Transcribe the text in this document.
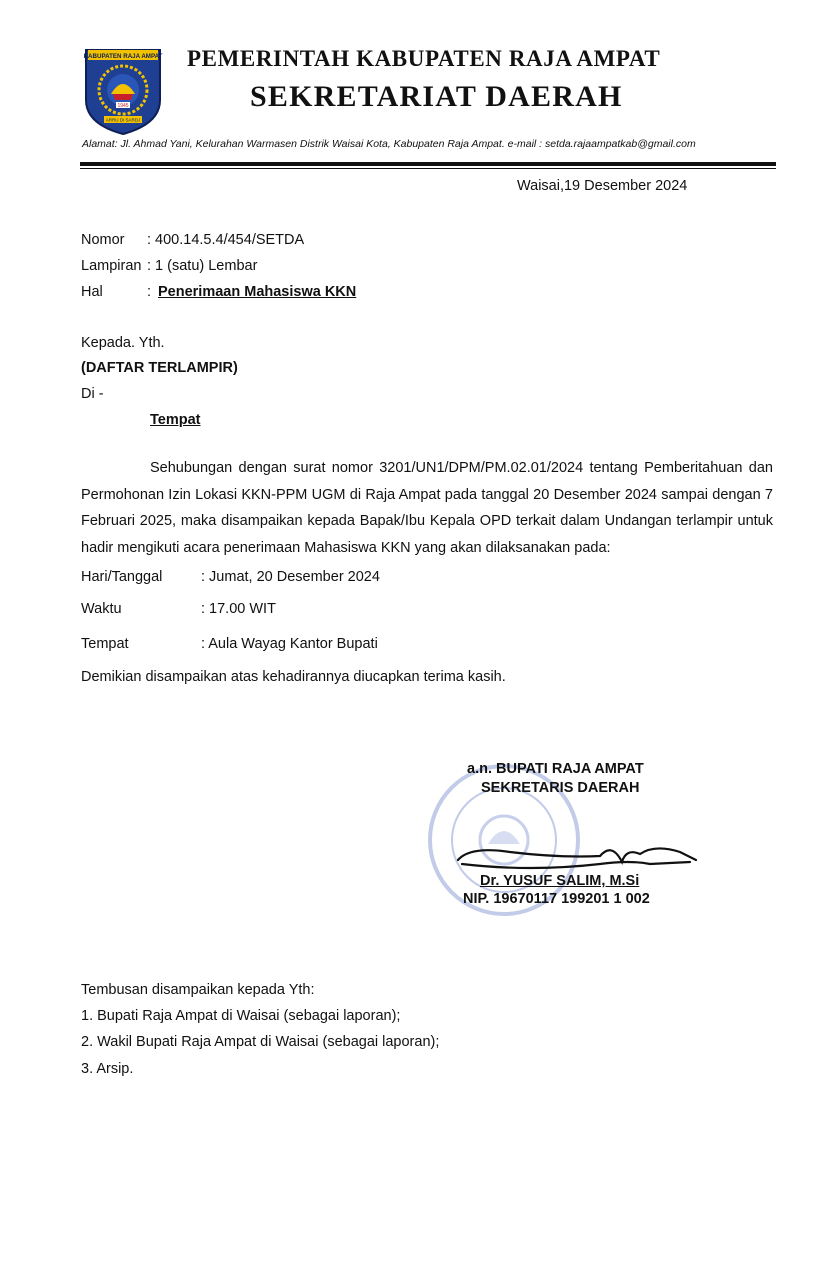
KABUPATEN RAJA AMPAT
1945
ARRU DI SARDJ
PEMERINTAH KABUPATEN RAJA AMPAT
SEKRETARIAT DAERAH
Alamat: Jl. Ahmad Yani, Kelurahan Warmasen Distrik Waisai Kota, Kabupaten Raja Ampat. e-mail : setda.rajaampatkab@gmail.com
Waisai,19 Desember 2024
Nomor : 400.14.5.4/454/SETDA
Lampiran : 1 (satu) Lembar
Hal	: Penerimaan Mahasiswa KKN
Kepada. Yth.
(DAFTAR TERLAMPIR)
Di -
Tempat
Sehubungan dengan surat nomor 3201/UN1/DPM/PM.02.01/2024 tentang Pemberitahuan dan Permohonan Izin Lokasi KKN-PPM UGM di Raja Ampat pada tanggal 20 Desember 2024 sampai dengan 7 Februari 2025, maka disampaikan kepada Bapak/Ibu Kepala OPD terkait dalam Undangan terlampir untuk hadir mengikuti acara penerimaan Mahasiswa KKN yang akan dilaksanakan pada:
Hari/Tanggal	: Jumat, 20 Desember 2024
Waktu	: 17.00 WIT
Tempat	: Aula Wayag Kantor Bupati
Demikian disampaikan atas kehadirannya diucapkan terima kasih.
a.n. BUPATI RAJA AMPAT
SEKRETARIS DAERAH
Dr. YUSUF SALIM, M.Si
NIP. 19670117 199201 1 002
Tembusan disampaikan kepada Yth:
1. Bupati Raja Ampat di Waisai (sebagai laporan);
2. Wakil Bupati Raja Ampat di Waisai (sebagai laporan);
3. Arsip.
